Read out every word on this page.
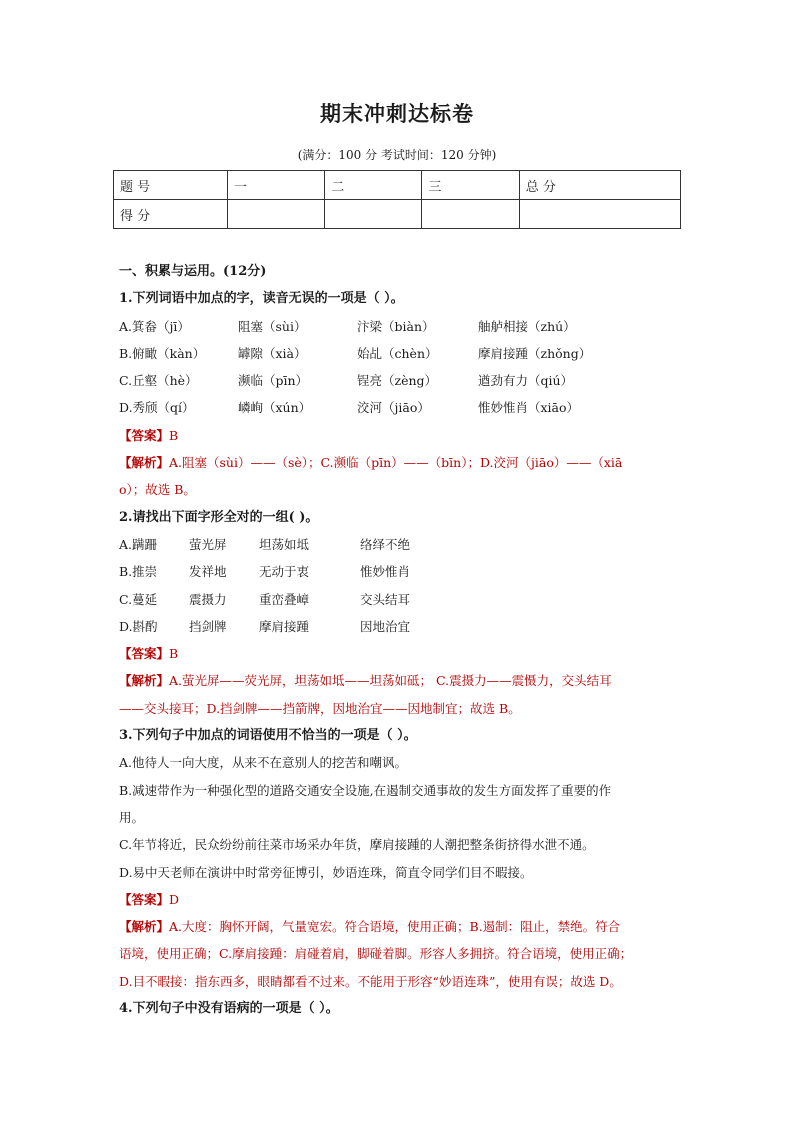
期末冲刺达标卷
(满分：100 分 考试时间：120 分钟)
题 号	一	二	三	总 分
得 分				
一、积累与运用。(12分)
1.下列词语中加点的字，读音无误的一项是（ ）。
A.箕畚（jī）	阻塞（sùi）	汴梁（biàn）	舳舻相接（zhú）
B.俯瞰（kàn）	罅隙（xià）	始乩（chèn）	摩肩接踵（zhǒng）
C.丘壑（hè）	濒临（pīn）	锃亮（zèng）	遒劲有力（qiú）
D.秀颀（qí）	嶙峋（xún）	洨河（jiāo）	惟妙惟肖（xiāo）
【答案】B
【解析】A.阻塞（sùi）——（sè）；C.濒临（pīn）——（bīn）；D.洨河（jiāo）——（xiā
o）；故选 B。
2.请找出下面字形全对的一组( )。
A.蹒跚	萤光屏	坦荡如坻	络绎不绝
B.推崇	发祥地	无动于衷	惟妙惟肖
C.蔓延	震摄力	重峦叠嶂	交头结耳
D.斟酌	挡剑牌	摩肩接踵	因地治宜
【答案】B
【解析】A.萤光屏——荧光屏，坦荡如坻——坦荡如砥； C.震摄力——震慑力，交头结耳
——交头接耳；D.挡剑牌——挡箭牌，因地治宜——因地制宜；故选 B。
3.下列句子中加点的词语使用不恰当的一项是（ ）。
A.他待人一向大度，从来不在意别人的挖苦和嘲讽。
B.减速带作为一种强化型的道路交通安全设施,在遏制交通事故的发生方面发挥了重要的作
用。
C.年节将近，民众纷纷前往菜市场采办年货，摩肩接踵的人潮把整条街挤得水泄不通。
D.易中天老师在演讲中时常旁征博引，妙语连珠，简直令同学们目不暇接。
【答案】D
【解析】A.大度：胸怀开阔，气量宽宏。符合语境，使用正确；B.遏制：阻止，禁绝。符合
语境，使用正确；C.摩肩接踵：肩碰着肩，脚碰着脚。形容人多拥挤。符合语境，使用正确；
D.目不暇接：指东西多，眼睛都看不过来。不能用于形容“妙语连珠”，使用有误；故选 D。
4.下列句子中没有语病的一项是（ ）。
